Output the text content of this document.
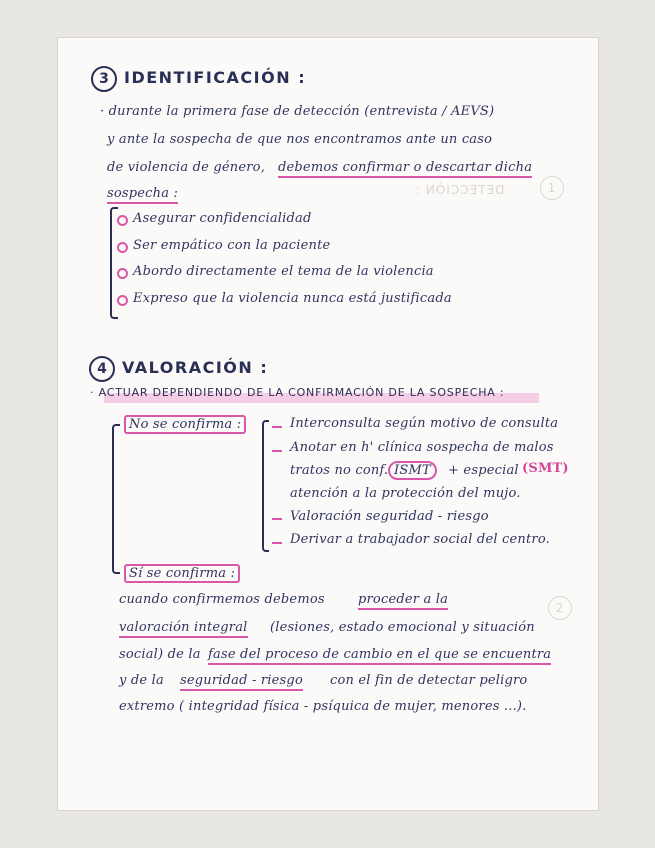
DETECCIÓN :	1
2
3 IDENTIFICACIÓN :
· durante la primera fase de detección (entrevista / AEVS)
y ante la sospecha de que nos encontramos ante un caso
de violencia de género, debemos confirmar o descartar dicha
sospecha :
Asegurar confidencialidad
Ser empático con la paciente
Abordo directamente el tema de la violencia
Expreso que la violencia nunca está justificada
4 VALORACIÓN :
· ACTUAR DEPENDIENDO DE LA CONFIRMACIÓN DE LA SOSPECHA :
No se confirma :	Interconsulta según motivo de consulta
Anotar en h' clínica sospecha de malos
tratos no conf. ISMT	+ especial (SMT)
atención a la protección del mujo.
Valoración seguridad - riesgo
Derivar a trabajador social del centro.
Sí se confirma :
cuando confirmemos debemos	proceder a la
valoración integral (lesiones, estado emocional y situación
social) de la fase del proceso de cambio en el que se encuentra
y de la seguridad - riesgo con el fin de detectar peligro
extremo ( integridad física - psíquica de mujer, menores ...).
